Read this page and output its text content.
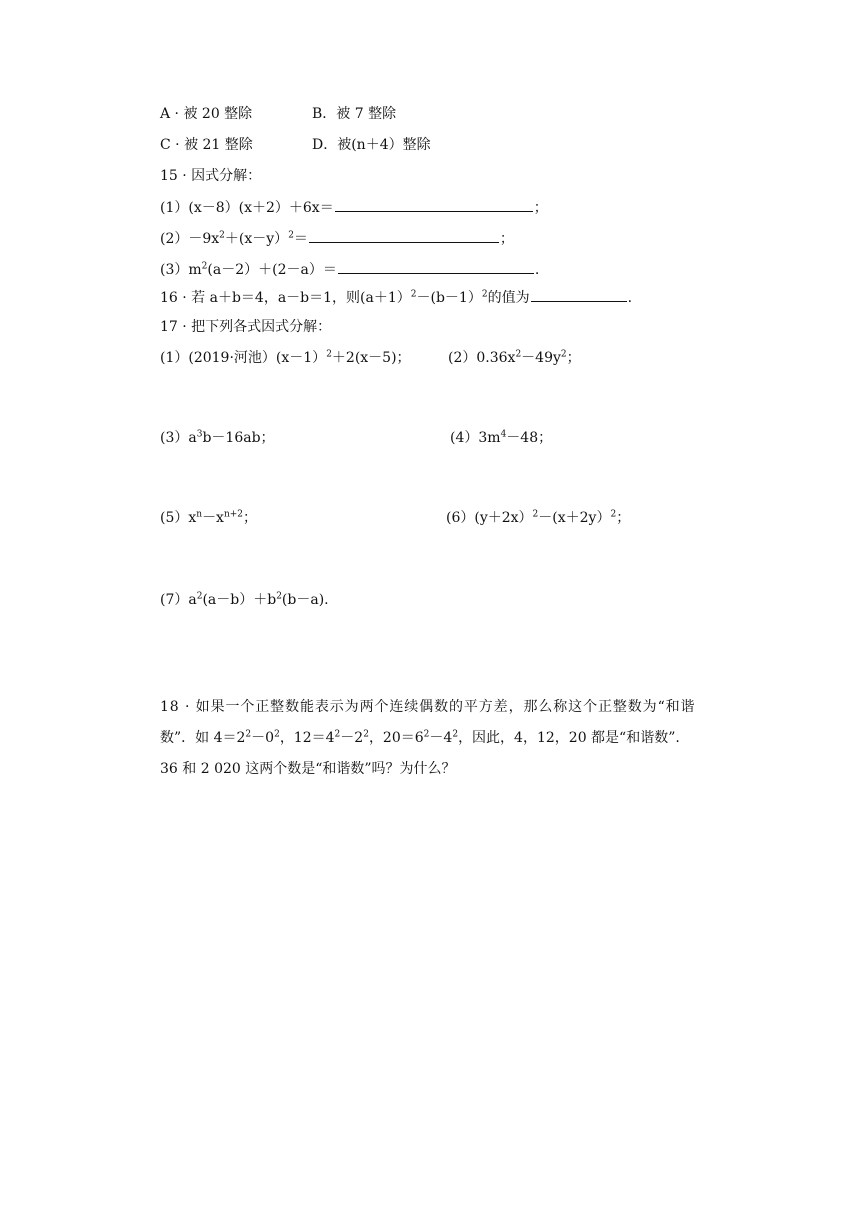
A · 被 20 整除	B．被 7 整除
C · 被 21 整除	D．被(n＋4）整除
15 · 因式分解：
(1）(x－8）(x＋2）＋6x＝	；
$(2)-9x^2+(x-y)^2=$	；
$(3)m^2(a-2)+(2-a)=$	.
16 · 若 a＋b＝4，a－b＝1，则(a＋1）$^2$－(b－1）$^2$的值为	.
17 · 把下列各式因式分解：
(1）(2019·河池）(x－1）$^2$＋2(x－5)；	$(2)0.36x^2-49y^2$；
$(3)a^3b-16ab$；	$(4)3m^4-48$；
$(5)x^n-x^{n+2}$；	(6）(y＋2x）$^2$－(x＋2y）$^2$；
$(7)a^2(a-b)+b^2(b-a)$.
18 · 如果一个正整数能表示为两个连续偶数的平方差，那么称这个正整数为“和谐
数”．如 $4=2^2-0^2$，$12=4^2-2^2$，$20=6^2-4^2$，因此，4，12，20 都是“和谐数”.
36 和 2 020 这两个数是“和谐数”吗？为什么？
